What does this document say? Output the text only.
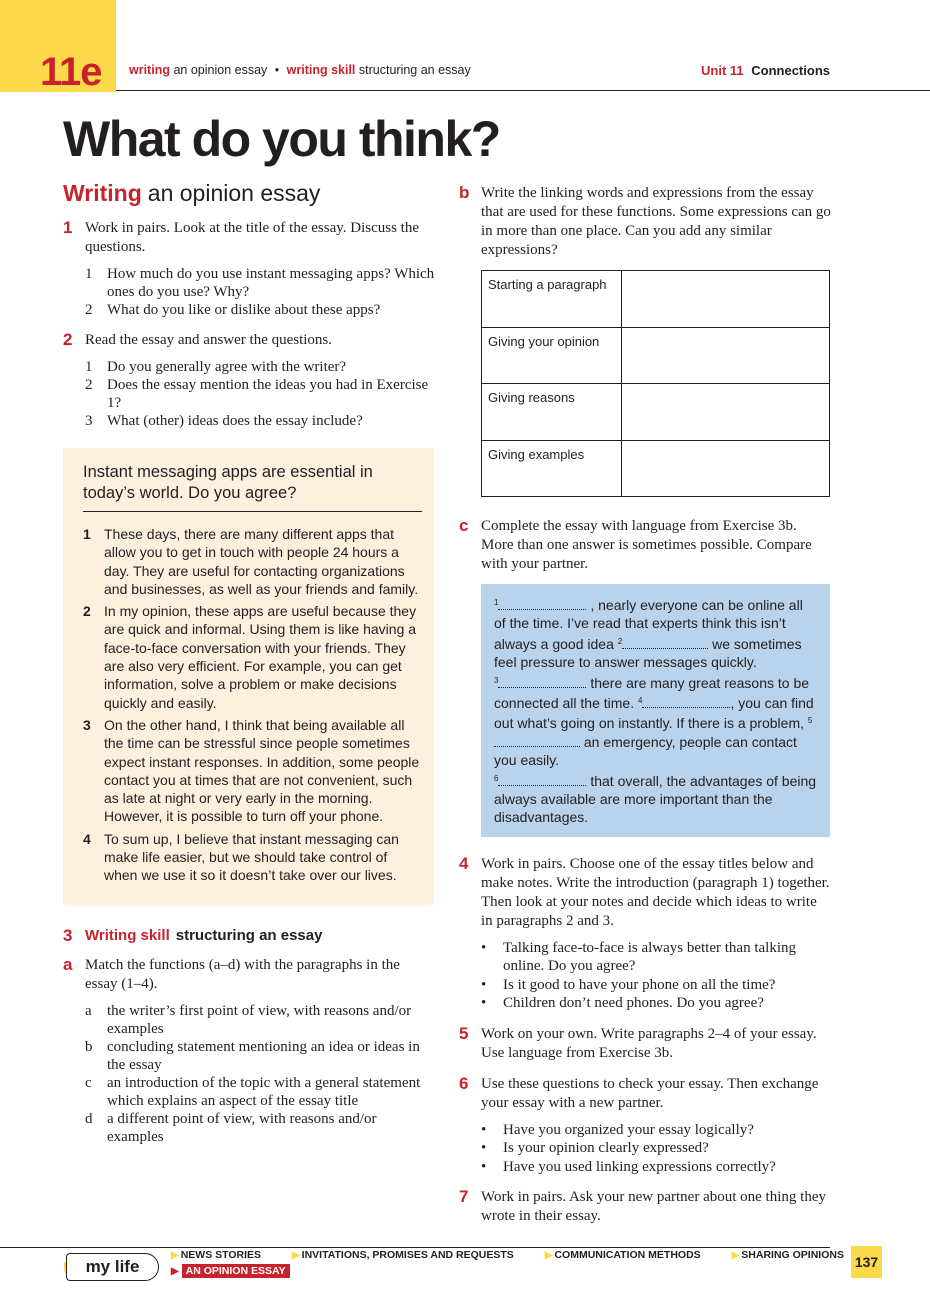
11e writing an opinion essay • writing skill structuring an essay	Unit 11 Connections
What do you think?
Writing an opinion essay
1 Work in pairs. Look at the title of the essay. Discuss the questions.
1 How much do you use instant messaging apps? Which ones do you use? Why?
2 What do you like or dislike about these apps?
2 Read the essay and answer the questions.
1 Do you generally agree with the writer?
2 Does the essay mention the ideas you had in Exercise 1?
3 What (other) ideas does the essay include?
Instant messaging apps are essential in today’s world. Do you agree?
1 These days, there are many different apps that allow you to get in touch with people 24 hours a day. They are useful for contacting organizations and businesses, as well as your friends and family.
2 In my opinion, these apps are useful because they are quick and informal. Using them is like having a face-to-face conversation with your friends. They are also very efficient. For example, you can get information, solve a problem or make decisions quickly and easily.
3 On the other hand, I think that being available all the time can be stressful since people sometimes expect instant responses. In addition, some people contact you at times that are not convenient, such as late at night or very early in the morning. However, it is possible to turn off your phone.
4 To sum up, I believe that instant messaging can make life easier, but we should take control of when we use it so it doesn’t take over our lives.
3 Writing skill structuring an essay
a Match the functions (a–d) with the paragraphs in the essay (1–4).
a the writer’s first point of view, with reasons and/or examples
b concluding statement mentioning an idea or ideas in the essay
c an introduction of the topic with a general statement which explains an aspect of the essay title
d a different point of view, with reasons and/or examples
b Write the linking words and expressions from the essay that are used for these functions. Some expressions can go in more than one place. Can you add any similar expressions?
Starting a paragraph	
Giving your opinion	
Giving reasons	
Giving examples	
c Complete the essay with language from Exercise 3b. More than one answer is sometimes possible. Compare with your partner.
$^1$	, nearly everyone can be online all of the time. I’ve read that experts think this isn’t always a good idea $^2$	we sometimes feel pressure to answer messages quickly.
$^3$	there are many great reasons to be connected all the time. $^4$	, you can find out what’s going on instantly. If there is a problem, $^5$ an emergency, people can contact you easily.
$^6$	that overall, the advantages of being always available are more important than the disadvantages.
4 Work in pairs. Choose one of the essay titles below and make notes. Write the introduction (paragraph 1) together. Then look at your notes and decide which ideas to write in paragraphs 2 and 3.
• Talking face-to-face is always better than talking online. Do you agree?
• Is it good to have your phone on all the time?
• Children don’t need phones. Do you agree?
5 Work on your own. Write paragraphs 2–4 of your essay. Use language from Exercise 3b.
6 Use these questions to check your essay. Then exchange your essay with a new partner.
• Have you organized your essay logically?
• Is your opinion clearly expressed?
• Have you used linking expressions correctly?
7 Work in pairs. Ask your new partner about one thing they wrote in their essay.
my life
▶ NEWS STORIES	▶ INVITATIONS, PROMISES AND REQUESTS	▶ COMMUNICATION METHODS	▶ SHARING OPINIONS
▶ AN OPINION ESSAY
137
